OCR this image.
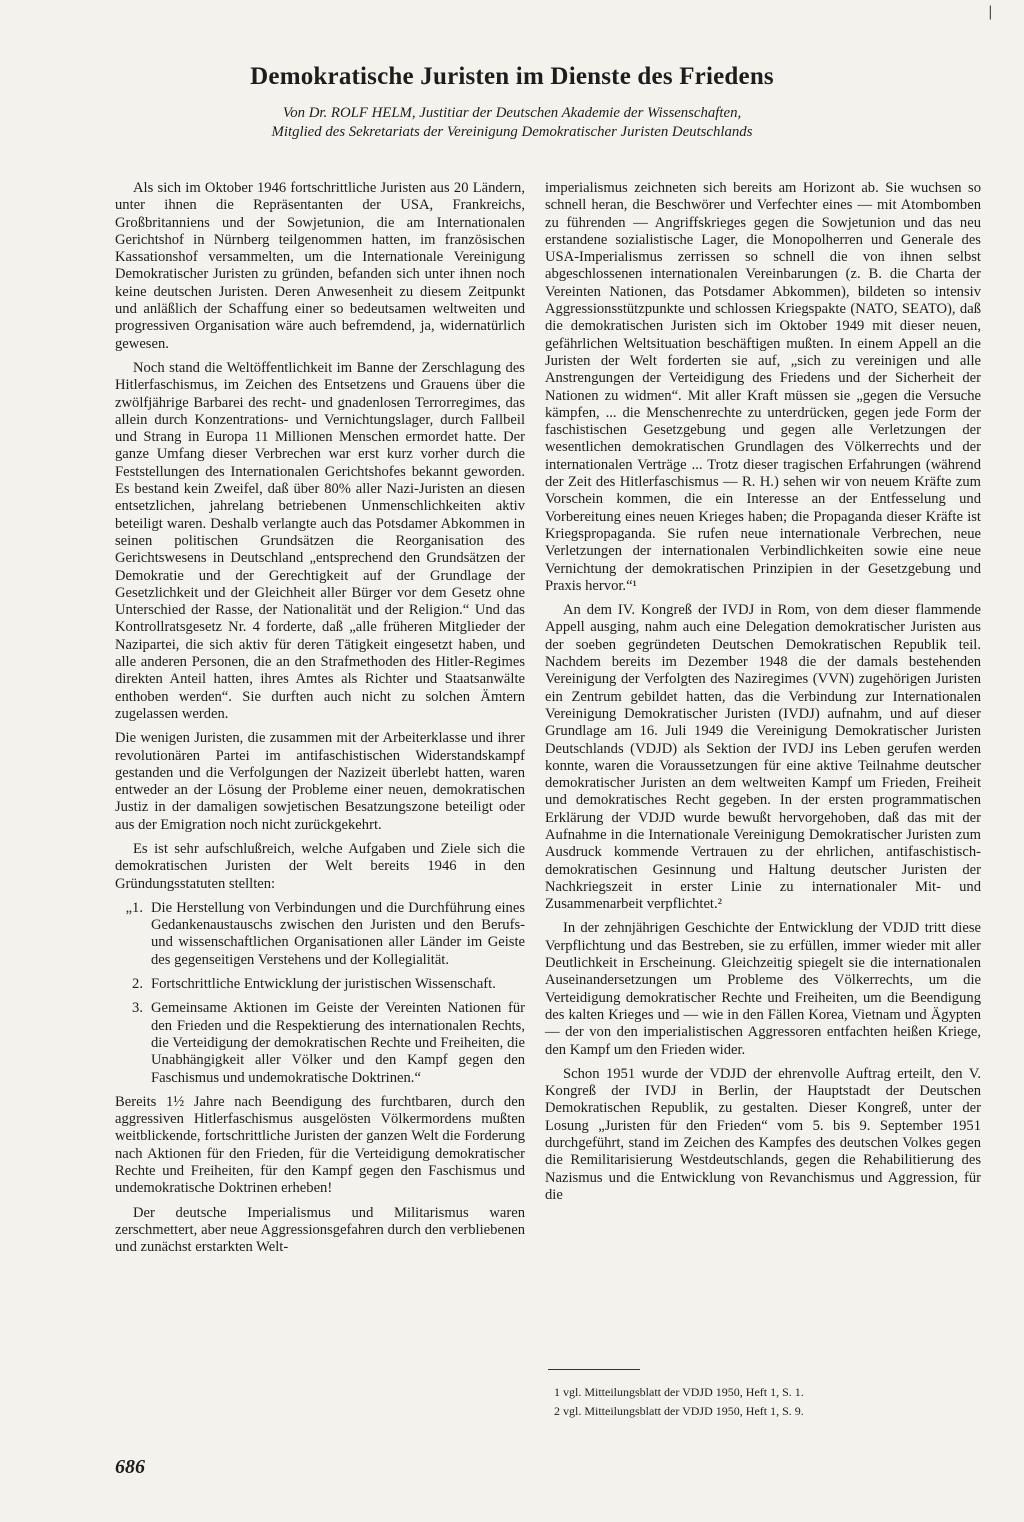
|
Demokratische Juristen im Dienste des Friedens
Von Dr. ROLF HELM, Justitiar der Deutschen Akademie der Wissenschaften,
Mitglied des Sekretariats der Vereinigung Demokratischer Juristen Deutschlands

Als sich im Oktober 1946 fortschrittliche Juristen aus 20 Ländern, unter ihnen die Repräsentanten der USA, Frankreichs, Großbritanniens und der Sowjetunion, die am Internationalen Gerichtshof in Nürnberg teilgenommen hatten, im französischen Kassationshof versammelten, um die Internationale Vereinigung Demokratischer Juristen zu gründen, befanden sich unter ihnen noch keine deutschen Juristen. Deren Anwesenheit zu diesem Zeitpunkt und anläßlich der Schaffung einer so bedeutsamen weltweiten und progressiven Organisation wäre auch befremdend, ja, widernatürlich gewesen.

Noch stand die Weltöffentlichkeit im Banne der Zerschlagung des Hitlerfaschismus, im Zeichen des Entsetzens und Grauens über die zwölfjährige Barbarei des recht- und gnadenlosen Terrorregimes, das allein durch Konzentrations- und Vernichtungslager, durch Fallbeil und Strang in Europa 11 Millionen Menschen ermordet hatte. Der ganze Umfang dieser Verbrechen war erst kurz vorher durch die Feststellungen des Internationalen Gerichtshofes bekannt geworden. Es bestand kein Zweifel, daß über 80% aller Nazi-Juristen an diesen entsetzlichen, jahrelang betriebenen Unmenschlichkeiten aktiv beteiligt waren. Deshalb verlangte auch das Potsdamer Abkommen in seinen politischen Grundsätzen die Reorganisation des Gerichtswesens in Deutschland „entsprechend den Grundsätzen der Demokratie und der Gerechtigkeit auf der Grundlage der Gesetzlichkeit und der Gleichheit aller Bürger vor dem Gesetz ohne Unterschied der Rasse, der Nationalität und der Religion.“ Und das Kontrollratsgesetz Nr. 4 forderte, daß „alle früheren Mitglieder der Nazipartei, die sich aktiv für deren Tätigkeit eingesetzt haben, und alle anderen Personen, die an den Strafmethoden des Hitler-Regimes direkten Anteil hatten, ihres Amtes als Richter und Staatsanwälte enthoben werden“. Sie durften auch nicht zu solchen Ämtern zugelassen werden.

Die wenigen Juristen, die zusammen mit der Arbeiterklasse und ihrer revolutionären Partei im antifaschistischen Widerstandskampf gestanden und die Verfolgungen der Nazizeit überlebt hatten, waren entweder an der Lösung der Probleme einer neuen, demokratischen Justiz in der damaligen sowjetischen Besatzungszone beteiligt oder aus der Emigration noch nicht zurückgekehrt.

Es ist sehr aufschlußreich, welche Aufgaben und Ziele sich die demokratischen Juristen der Welt bereits 1946 in den Gründungsstatuten stellten:

„1. Die Herstellung von Verbindungen und die Durchführung eines Gedankenaustauschs zwischen den Juristen und den Berufs- und wissenschaftlichen Organisationen aller Länder im Geiste des gegenseitigen Verstehens und der Kollegialität.
2. Fortschrittliche Entwicklung der juristischen Wissenschaft.
3. Gemeinsame Aktionen im Geiste der Vereinten Nationen für den Frieden und die Respektierung des internationalen Rechts, die Verteidigung der demokratischen Rechte und Freiheiten, die Unabhängigkeit aller Völker und den Kampf gegen den Faschismus und undemokratische Doktrinen.“

Bereits 1½ Jahre nach Beendigung des furchtbaren, durch den aggressiven Hitlerfaschismus ausgelösten Völkermordens mußten weitblickende, fortschrittliche Juristen der ganzen Welt die Forderung nach Aktionen für den Frieden, für die Verteidigung demokratischer Rechte und Freiheiten, für den Kampf gegen den Faschismus und undemokratische Doktrinen erheben!

Der deutsche Imperialismus und Militarismus waren zerschmettert, aber neue Aggressionsgefahren durch den verbliebenen und zunächst erstarkten Welt-

imperialismus zeichneten sich bereits am Horizont ab. Sie wuchsen so schnell heran, die Beschwörer und Verfechter eines — mit Atombomben zu führenden — Angriffskrieges gegen die Sowjetunion und das neu erstandene sozialistische Lager, die Monopolherren und Generale des USA-Imperialismus zerrissen so schnell die von ihnen selbst abgeschlossenen internationalen Vereinbarungen (z. B. die Charta der Vereinten Nationen, das Potsdamer Abkommen), bildeten so intensiv Aggressionsstützpunkte und schlossen Kriegspakte (NATO, SEATO), daß die demokratischen Juristen sich im Oktober 1949 mit dieser neuen, gefährlichen Weltsituation beschäftigen mußten. In einem Appell an die Juristen der Welt forderten sie auf, „sich zu vereinigen und alle Anstrengungen der Verteidigung des Friedens und der Sicherheit der Nationen zu widmen“. Mit aller Kraft müssen sie „gegen die Versuche kämpfen, ... die Menschenrechte zu unterdrücken, gegen jede Form der faschistischen Gesetzgebung und gegen alle Verletzungen der wesentlichen demokratischen Grundlagen des Völkerrechts und der internationalen Verträge ... Trotz dieser tragischen Erfahrungen (während der Zeit des Hitlerfaschismus — R. H.) sehen wir von neuem Kräfte zum Vorschein kommen, die ein Interesse an der Entfesselung und Vorbereitung eines neuen Krieges haben; die Propaganda dieser Kräfte ist Kriegspropaganda. Sie rufen neue internationale Verbrechen, neue Verletzungen der internationalen Verbindlichkeiten sowie eine neue Vernichtung der demokratischen Prinzipien in der Gesetzgebung und Praxis hervor.“¹

An dem IV. Kongreß der IVDJ in Rom, von dem dieser flammende Appell ausging, nahm auch eine Delegation demokratischer Juristen aus der soeben gegründeten Deutschen Demokratischen Republik teil. Nachdem bereits im Dezember 1948 die der damals bestehenden Vereinigung der Verfolgten des Naziregimes (VVN) zugehörigen Juristen ein Zentrum gebildet hatten, das die Verbindung zur Internationalen Vereinigung Demokratischer Juristen (IVDJ) aufnahm, und auf dieser Grundlage am 16. Juli 1949 die Vereinigung Demokratischer Juristen Deutschlands (VDJD) als Sektion der IVDJ ins Leben gerufen werden konnte, waren die Voraussetzungen für eine aktive Teilnahme deutscher demokratischer Juristen an dem weltweiten Kampf um Frieden, Freiheit und demokratisches Recht gegeben. In der ersten programmatischen Erklärung der VDJD wurde bewußt hervorgehoben, daß das mit der Aufnahme in die Internationale Vereinigung Demokratischer Juristen zum Ausdruck kommende Vertrauen zu der ehrlichen, antifaschistisch-demokratischen Gesinnung und Haltung deutscher Juristen der Nachkriegszeit in erster Linie zu internationaler Mit- und Zusammenarbeit verpflichtet.²

In der zehnjährigen Geschichte der Entwicklung der VDJD tritt diese Verpflichtung und das Bestreben, sie zu erfüllen, immer wieder mit aller Deutlichkeit in Erscheinung. Gleichzeitig spiegelt sie die internationalen Auseinandersetzungen um Probleme des Völkerrechts, um die Verteidigung demokratischer Rechte und Freiheiten, um die Beendigung des kalten Krieges und — wie in den Fällen Korea, Vietnam und Ägypten — der von den imperialistischen Aggressoren entfachten heißen Kriege, den Kampf um den Frieden wider.

Schon 1951 wurde der VDJD der ehrenvolle Auftrag erteilt, den V. Kongreß der IVDJ in Berlin, der Hauptstadt der Deutschen Demokratischen Republik, zu gestalten. Dieser Kongreß, unter der Losung „Juristen für den Frieden“ vom 5. bis 9. September 1951 durchgeführt, stand im Zeichen des Kampfes des deutschen Volkes gegen die Remilitarisierung Westdeutschlands, gegen die Rehabilitierung des Nazismus und die Entwicklung von Revanchismus und Aggression, für die

1 vgl. Mitteilungsblatt der VDJD 1950, Heft 1, S. 1.
2 vgl. Mitteilungsblatt der VDJD 1950, Heft 1, S. 9.
686
